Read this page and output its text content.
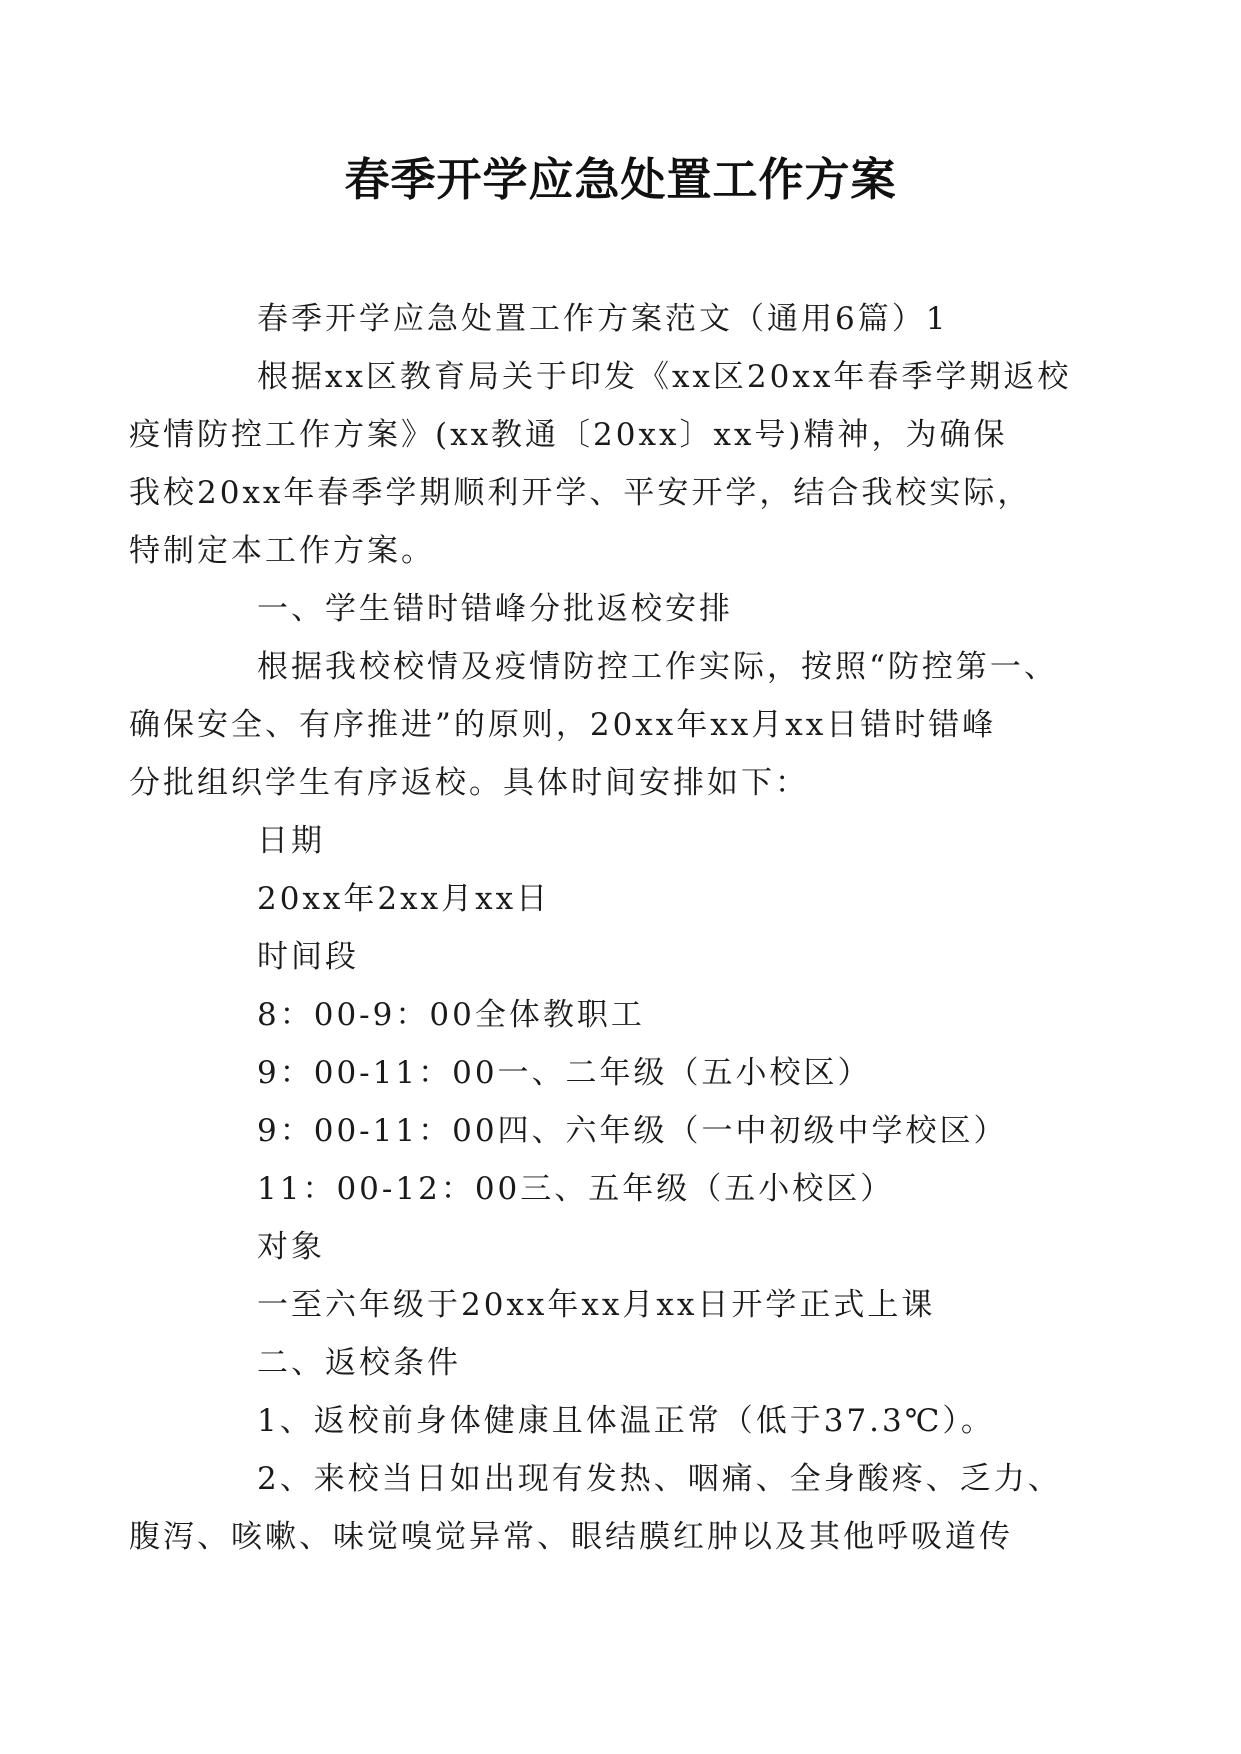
春季开学应急处置工作方案
春季开学应急处置工作方案范文（通用6篇）1
根据xx区教育局关于印发《xx区20xx年春季学期返校
疫情防控工作方案》(xx教通〔20xx〕xx号)精神，为确保
我校20xx年春季学期顺利开学、平安开学，结合我校实际，
特制定本工作方案。
一、学生错时错峰分批返校安排
根据我校校情及疫情防控工作实际，按照“防控第一、
确保安全、有序推进”的原则，20xx年xx月xx日错时错峰
分批组织学生有序返校。具体时间安排如下：
日期
20xx年2xx月xx日
时间段
8：00-9：00全体教职工
9：00-11：00一、二年级（五小校区）
9：00-11：00四、六年级（一中初级中学校区）
11：00-12：00三、五年级（五小校区）
对象
一至六年级于20xx年xx月xx日开学正式上课
二、返校条件
1、返校前身体健康且体温正常（低于37.3℃）。
2、来校当日如出现有发热、咽痛、全身酸疼、乏力、
腹泻、咳嗽、味觉嗅觉异常、眼结膜红肿以及其他呼吸道传
